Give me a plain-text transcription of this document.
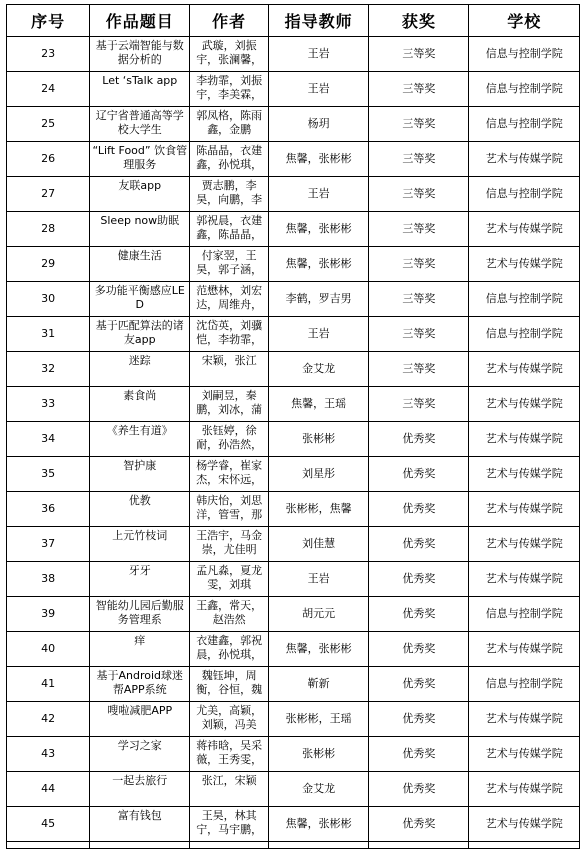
序号	作品题目	作者	指导教师	获奖	学校
23	基于云端智能与数据分析的	武璇，刘振宇，张澜馨，	王岩	三等奖	信息与控制学院
24	Let ‘sTalk app	李勃霏，刘振宇，李美霖，	王岩	三等奖	信息与控制学院
25	辽宁省普通高等学校大学生	郭凤格，陈雨鑫，金鹏	杨玥	三等奖	信息与控制学院
26	“Lift Food” 饮食管理服务	陈晶晶，衣建鑫，孙悦琪，	焦馨，张彬彬	三等奖	艺术与传媒学院
27	友联app	贾志鹏，李昊，向鹏，李	王岩	三等奖	信息与控制学院
28	Sleep now助眠	郭祝晨，衣建鑫，陈晶晶，	焦馨，张彬彬	三等奖	艺术与传媒学院
29	健康生活	付家翌，王昊，郭子涵，	焦馨，张彬彬	三等奖	艺术与传媒学院
30	多功能平衡感应LED	范懋林，刘宏达，周维舟，	李鹤，罗吉男	三等奖	信息与控制学院
31	基于匹配算法的诸友app	沈岱英，刘骥恺，李勃霏，	王岩	三等奖	信息与控制学院
32	迷踪	宋颖，张江	金艾龙	三等奖	艺术与传媒学院
33	素食尚	刘嗣昱，秦鹏，刘冰，蒲	焦馨，王瑶	三等奖	艺术与传媒学院
34	《养生有道》	张钰婷，徐耐，孙浩然，	张彬彬	优秀奖	艺术与传媒学院
35	智护康	杨学睿，崔家杰，宋怀远，	刘星彤	优秀奖	艺术与传媒学院
36	优教	韩庆怡，刘思洋，管雪，那	张彬彬，焦馨	优秀奖	艺术与传媒学院
37	上元竹枝词	王浩宇，马金崇，尤佳明	刘佳慧	优秀奖	艺术与传媒学院
38	牙牙	孟凡淼，夏龙雯，刘琪	王岩	优秀奖	艺术与传媒学院
39	智能幼儿园后勤服务管理系	王鑫，常天，赵浩然	胡元元	优秀奖	信息与控制学院
40	痒	衣建鑫，郭祝晨，孙悦琪，	焦馨，张彬彬	优秀奖	艺术与传媒学院
41	基于Android球迷帮APP系统	魏钰坤，周衡，谷恒，魏	靳新	优秀奖	信息与控制学院
42	嗖啦减肥APP	尤美，高颖，刘颖，冯美	张彬彬，王瑶	优秀奖	艺术与传媒学院
43	学习之家	蒋祎晗，吴采薇，王秀雯，	张彬彬	优秀奖	艺术与传媒学院
44	一起去旅行	张江，宋颖	金艾龙	优秀奖	艺术与传媒学院
45	富有钱包	王昊，林其宁，马宇鹏，	焦馨，张彬彬	优秀奖	艺术与传媒学院
